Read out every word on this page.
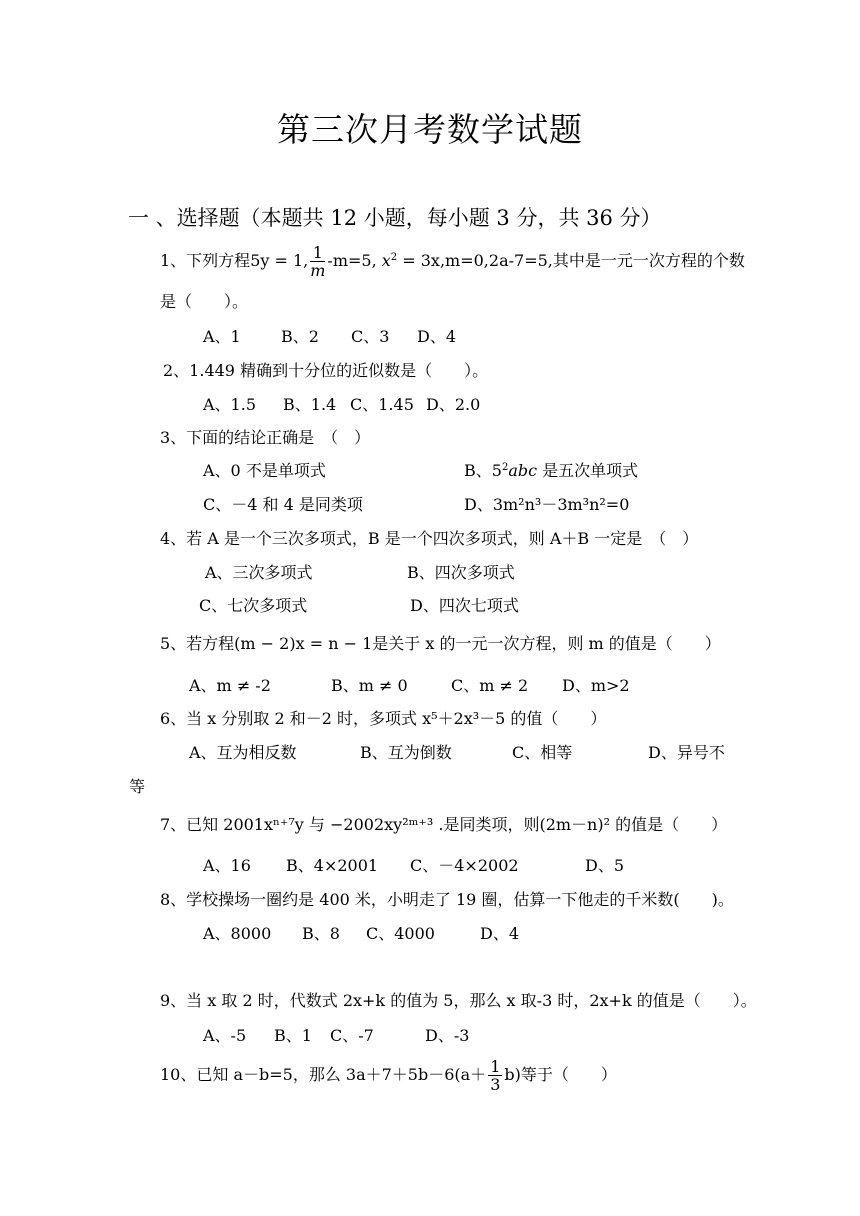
第三次月考数学试题
一 、选择题（本题共 12 小题，每小题 3 分，共 36 分）
1、下列方程5y = 1, $\frac{1}{m} -m=5$, $x^2 = 3x,m=0,2a-7=5$,其中是一元一次方程的个数
是（　　）。
A、1	B、2 C、3 D、4
2、1.449 精确到十分位的近似数是（　　）。
A、1.5 B、1.4 C、1.45 D、2.0
3、下面的结论正确是　（　）
A、0 不是单项式	B、$5^2abc$ 是五次单项式
C、－4 和 4 是同类项	D、3m²n³－3m³n²=0
4、若 A 是一个三次多项式，B 是一个四次多项式，则 A＋B 一定是　（　）
A、三次多项式	B、四次多项式
C、七次多项式	D、四次七项式
5、若方程(m − 2)x = n − 1是关于 x 的一元一次方程，则 m 的值是（　　）
A、m ≠ -2	B、m ≠ 0	C、m ≠ 2 D、m>2
6、当 x 分别取 2 和－2 时，多项式 x⁵＋2x³－5 的值（　　）
A、互为相反数	B、互为倒数	C、相等	D、异号不
等
7、已知 2001xⁿ⁺⁷y 与 −2002xy²ᵐ⁺³ .是同类项，则(2m－n)² 的值是（　　）
A、16 B、4×2001 C、－4×2002	D、5
8、学校操场一圈约是 400 米，小明走了 19 圈，估算一下他走的千米数(　　)。
A、8000 B、8 C、4000	D、4
9、当 x 取 2 时，代数式 2x+k 的值为 5，那么 x 取-3 时，2x+k 的值是（　　）。
A、-5 B、1 C、-7	D、-3
10、已知 a－b=5，那么 $3a+7+5b-6(a+ \frac{1}{3} b)$等于（　　）
